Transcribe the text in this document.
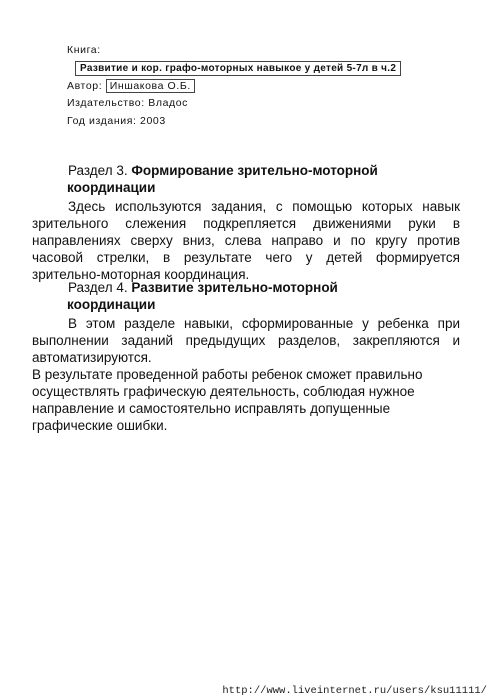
Книга:
Развитие и кор. графо-моторных навыкое у детей 5-7л в ч.2
Автор: Иншакова О.Б.
Издательство: Владос
Год издания: 2003
Раздел 3. Формирование зрительно-моторной
координации
Здесь используются задания, с помощью которых навык зрительного слежения подкрепляется движениями руки в направлениях сверху вниз, слева направо и по кругу против часовой стрелки, в результате чего у детей формируется зрительно-моторная координация.
Раздел 4. Развитие зрительно-моторной
координации
В этом разделе навыки, сформированные у ребенка при выполнении заданий предыдущих разделов, закрепляются и автоматизируются.
В результате проведенной работы ребенок сможет правильно осуществлять графическую деятельность, соблюдая нужное направление и самостоятельно исправлять допущенные графические ошибки.
http://www.liveinternet.ru/users/ksu11111/
